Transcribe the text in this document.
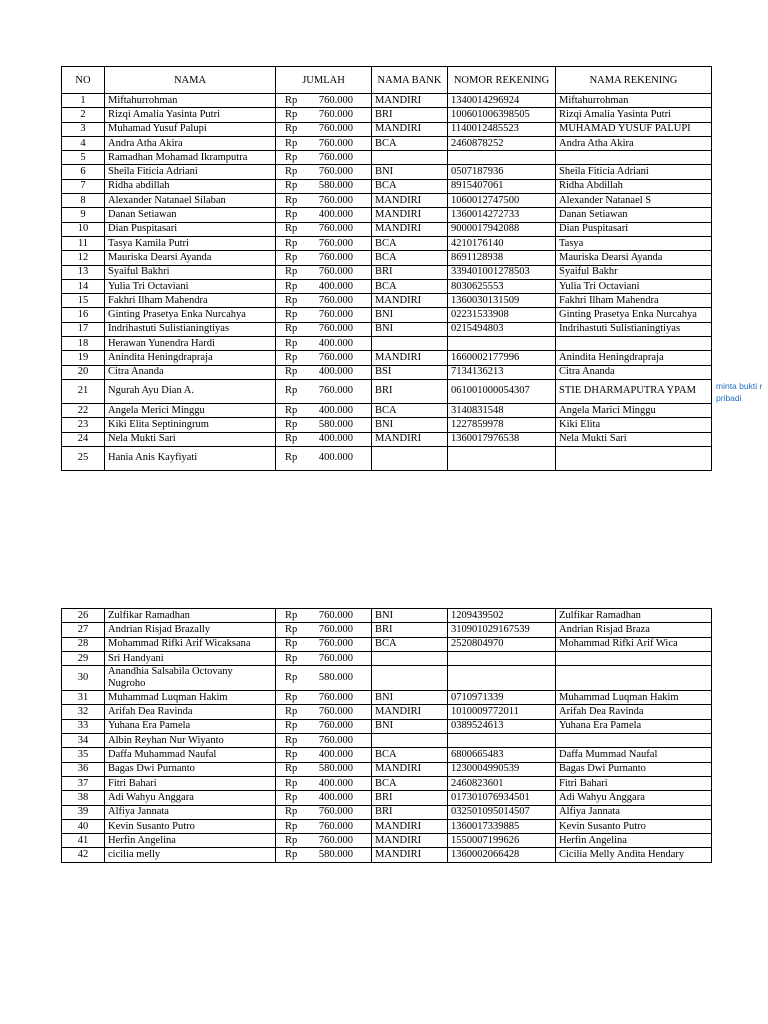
NO	NAMA	JUMLAH	NAMA BANK	NOMOR REKENING	NAMA REKENING
1	Miftahurrohman	Rp 760.000	MANDIRI	1340014296924	Miftahurrohman
2	Rizqi Amalia Yasinta Putri	Rp 760.000	BRI	100601006398505	Rizqi Amalia Yasinta Putri
3	Muhamad Yusuf Palupi	Rp 760.000	MANDIRI	1140012485523	MUHAMAD YUSUF PALUPI
4	Andra Atha Akira	Rp 760.000	BCA	2460878252	Andra Atha Akira
5	Ramadhan Mohamad Ikramputra	Rp 760.000			

6	Sheila Fiticia Adriani	Rp 760.000	BNI	0507187936	Sheila Fiticia Adriani
7	Ridha abdillah	Rp 580.000	BCA	8915407061	Ridha Abdillah
8	Alexander Natanael Silaban	Rp 760.000	MANDIRI	1060012747500	Alexander Natanael S
9	Danan Setiawan	Rp 400.000	MANDIRI	1360014272733	Danan Setiawan
10	Dian Puspitasari	Rp 760.000	MANDIRI	9000017942088	Dian Puspitasari
11	Tasya Kamila Putri	Rp 760.000	BCA	4210176140	Tasya
12	Mauriska Dearsi Ayanda	Rp 760.000	BCA	8691128938	Mauriska Dearsi Ayanda
13	Syaiful Bakhri	Rp 760.000	BRI	339401001278503	Syaiful Bakhr
14	Yulia Tri Octaviani	Rp 400.000	BCA	8030625553	Yulia Tri Octaviani
15	Fakhri Ilham Mahendra	Rp 760.000	MANDIRI	1360030131509	Fakhri Ilham Mahendra
16	Ginting Prasetya Enka Nurcahya	Rp 760.000	BNI	02231533908	Ginting Prasetya Enka Nurcahya
17	Indrihastuti Sulistianingtiyas	Rp 760.000	BNI	0215494803	Indrihastuti Sulistianingtiyas
18	Herawan Yunendra Hardi	Rp 400.000			

19	Anindita Heningdrapraja	Rp 760.000	MANDIRI	1660002177996	Anindita Heningdrapraja
20	Citra Ananda	Rp 400.000	BSI	7134136213	Citra Ananda
21	Ngurah Ayu Dian A.	Rp 760.000	BRI	061001000054307	STIE DHARMAPUTRA YPAM
22	Angela Merici Minggu	Rp 400.000	BCA	3140831548	Angela Marici Minggu
23	Kiki Elita Septiningrum	Rp 580.000	BNI	1227859978	Kiki Elita
24	Nela Mukti Sari	Rp 400.000	MANDIRI	1360017976538	Nela Mukti Sari
25	Hania Anis Kayfiyati	Rp 400.000			

minta bukti r
pribadi
26	Zulfikar Ramadhan	Rp 760.000	BNI	1209439502	Zulfikar Ramadhan
27	Andrian Risjad Brazally	Rp 760.000	BRI	310901029167539	Andrian Risjad Braza
28	Mohammad Rifki Arif Wicaksana	Rp 760.000	BCA	2520804970	Mohammad Rifki Arif Wica
29	Sri Handyani	Rp 760.000			

30	Anandhia Salsabila Octovany Nugroho	Rp 580.000			

31	Muhammad Luqman Hakim	Rp 760.000	BNI	0710971339	Muhammad Luqman Hakim
32	Arifah Dea Ravinda	Rp 760.000	MANDIRI	1010009772011	Arifah Dea Ravinda
33	Yuhana Era Pamela	Rp 760.000	BNI	0389524613	Yuhana Era Pamela
34	Albin Reyhan Nur Wiyanto	Rp 760.000			

35	Daffa Muhammad Naufal	Rp 400.000	BCA	6800665483	Daffa Mummad Naufal
36	Bagas Dwi Purnanto	Rp 580.000	MANDIRI	1230004990539	Bagas Dwi Purnanto
37	Fitri Bahari	Rp 400.000	BCA	2460823601	Fitri Bahari
38	Adi Wahyu Anggara	Rp 400.000	BRI	017301076934501	Adi Wahyu Anggara
39	Alfiya Jannata	Rp 760.000	BRI	032501095014507	Alfiya Jannata
40	Kevin Susanto Putro	Rp 760.000	MANDIRI	1360017339885	Kevin Susanto Putro
41	Herfin Angelina	Rp 760.000	MANDIRI	1550007199626	Herfin Angelina
42	cicilia melly	Rp 580.000	MANDIRI	1360002066428	Cicilia Melly Andita Hendary
